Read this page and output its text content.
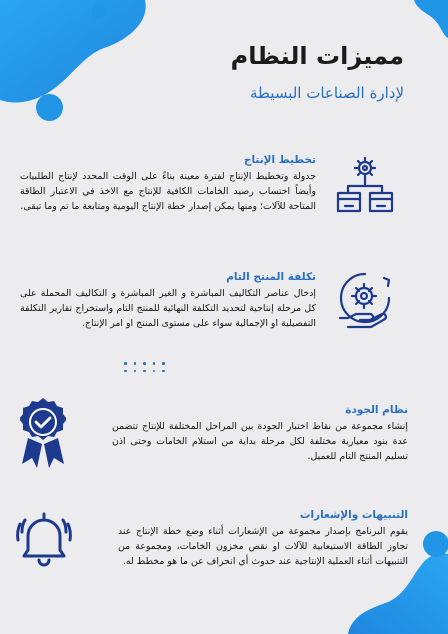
مميزات النظام
لإدارة الصناعات البسيطة
تخطيط الإنتاج
جدولة وتخطيط الإنتاج لفترة معينة بناءً على الوقت المحدد لإنتاج الطلبيات وأيضاً احتساب رصيد الخامات الكافية للإنتاج مع الاخذ في الاعتبار الطاقة المتاحة للآلات؛ ومنها يمكن إصدار خطة الإنتاج اليومية ومتابعة ما تم وما تبقى.
تكلفة المنتج التام
إدخال عناصر التكاليف المباشرة و الغير المباشرة و التكاليف المحملة على كل مرحلة إنتاجية لتحديد التكلفة النهائية للمنتج التام واستخراج تقارير التكلفة التفصيلية او الإجمالية سواء على مستوى المنتج او امر الإنتاج.
نظام الجودة
إنشاء مجموعة من نقاط اختبار الجودة بين المراحل المختلفة للإنتاج تتضمن عدة بنود معيارية مختلفة لكل مرحلة بداية من استلام الخامات وحتى اذن تسليم المنتج التام للعميل.
التنبيهات والإشعارات
يقوم البرنامج بإصدار مجموعة من الإشعارات أثناء وضع خطة الإنتاج عند تجاوز الطاقة الاستيعابية للآلات او نقص مخزون الخامات، ومجموعة من التنبيهات أثناء العملية الإنتاجية عند حدوث أي انحراف عن ما هو مخطط له.
